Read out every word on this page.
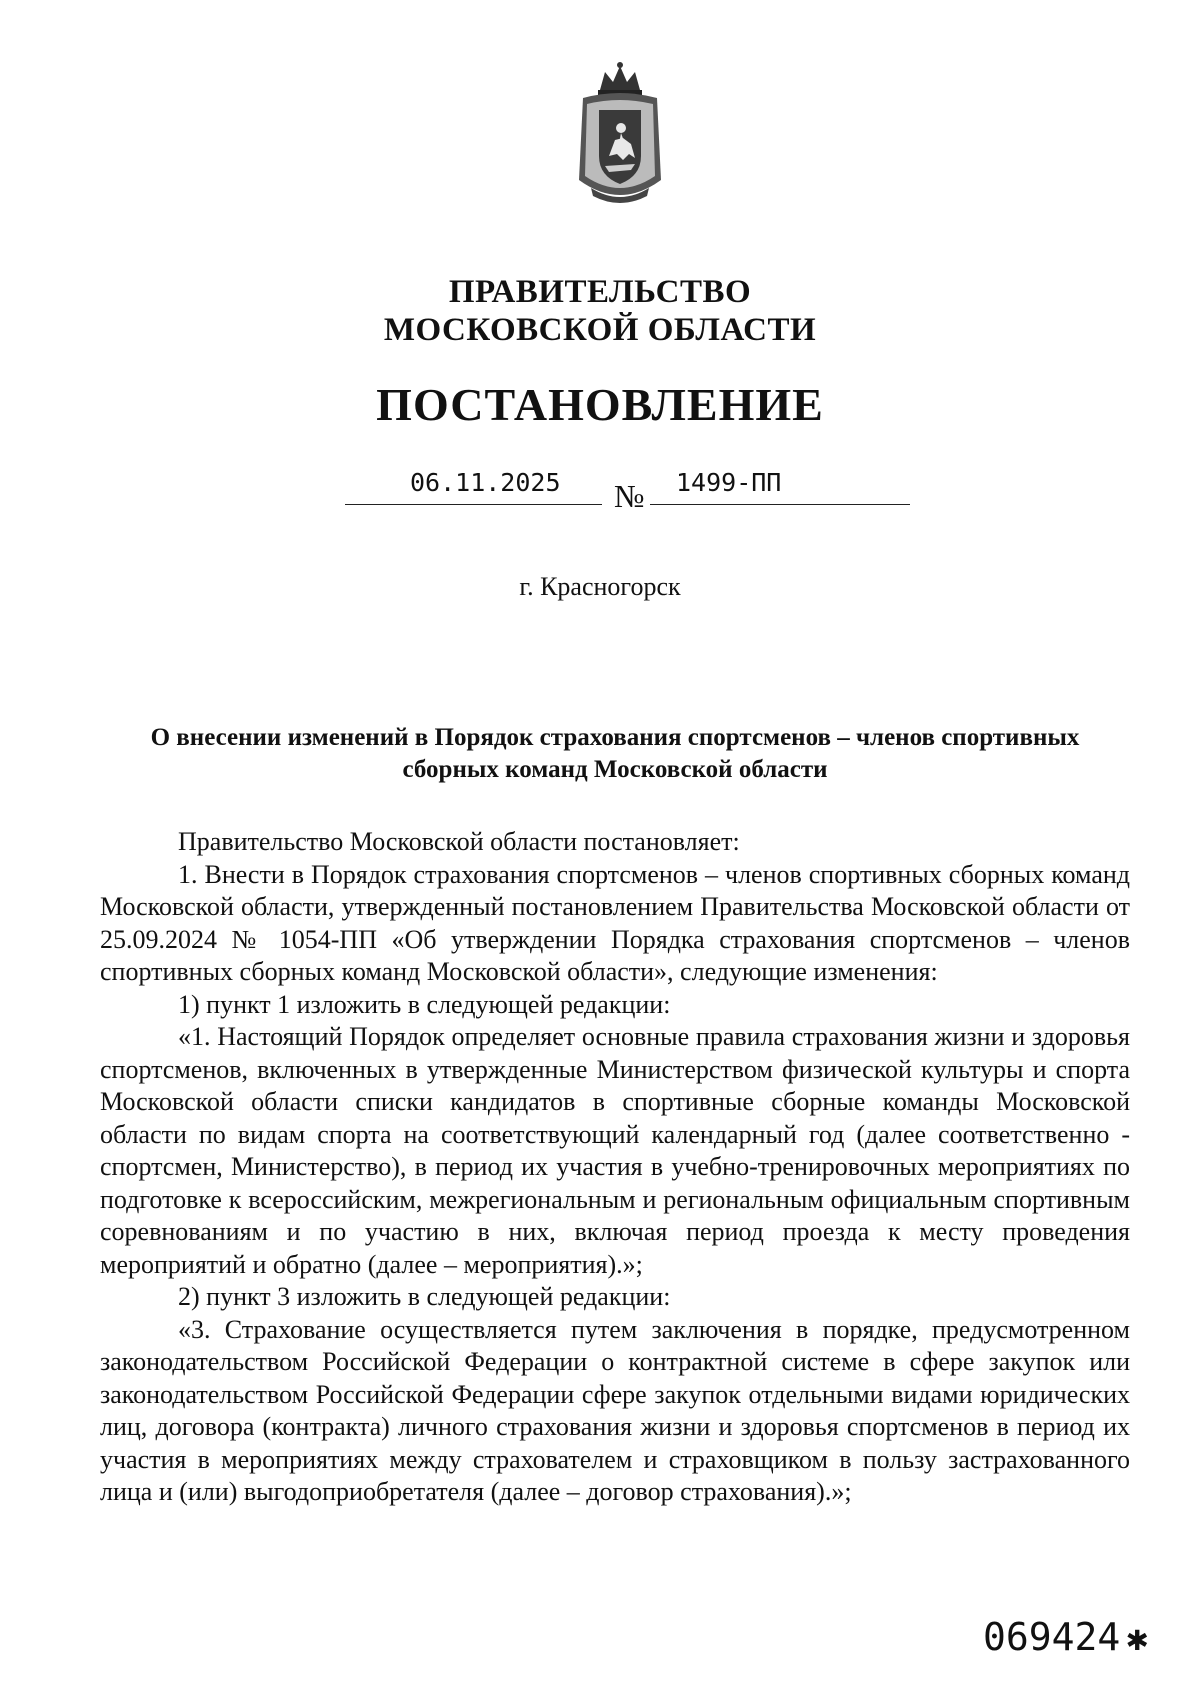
ПРАВИТЕЛЬСТВО
МОСКОВСКОЙ ОБЛАСТИ
ПОСТАНОВЛЕНИЕ
06.11.2025 № 1499-ПП
г. Красногорск
О внесении изменений в Порядок страхования спортсменов – членов спортивных
сборных команд Московской области

Правительство Московской области постановляет:

1. Внести в Порядок страхования спортсменов – членов спортивных сборных команд Московской области, утвержденный постановлением Правительства Московской области от 25.09.2024 № 1054-ПП «Об утверждении Порядка страхования спортсменов – членов спортивных сборных команд Московской области», следующие изменения:

1) пункт 1 изложить в следующей редакции:

«1. Настоящий Порядок определяет основные правила страхования жизни и здоровья спортсменов, включенных в утвержденные Министерством физической культуры и спорта Московской области списки кандидатов в спортивные сборные команды Московской области по видам спорта на соответствующий календарный год (далее соответственно - спортсмен, Министерство), в период их участия в учебно-тренировочных мероприятиях по подготовке к всероссийским, межрегиональным и региональным официальным спортивным соревнованиям и по участию в них, включая период проезда к месту проведения мероприятий и обратно (далее – мероприятия).»;

2) пункт 3 изложить в следующей редакции:

«3. Страхование осуществляется путем заключения в порядке, предусмотренном законодательством Российской Федерации о контрактной системе в сфере закупок или законодательством Российской Федерации сфере закупок отдельными видами юридических лиц, договора (контракта) личного страхования жизни и здоровья спортсменов в период их участия в мероприятиях между страхователем и страховщиком в пользу застрахованного лица и (или) выгодоприобретателя (далее – договор страхования).»;

069424 ✱
